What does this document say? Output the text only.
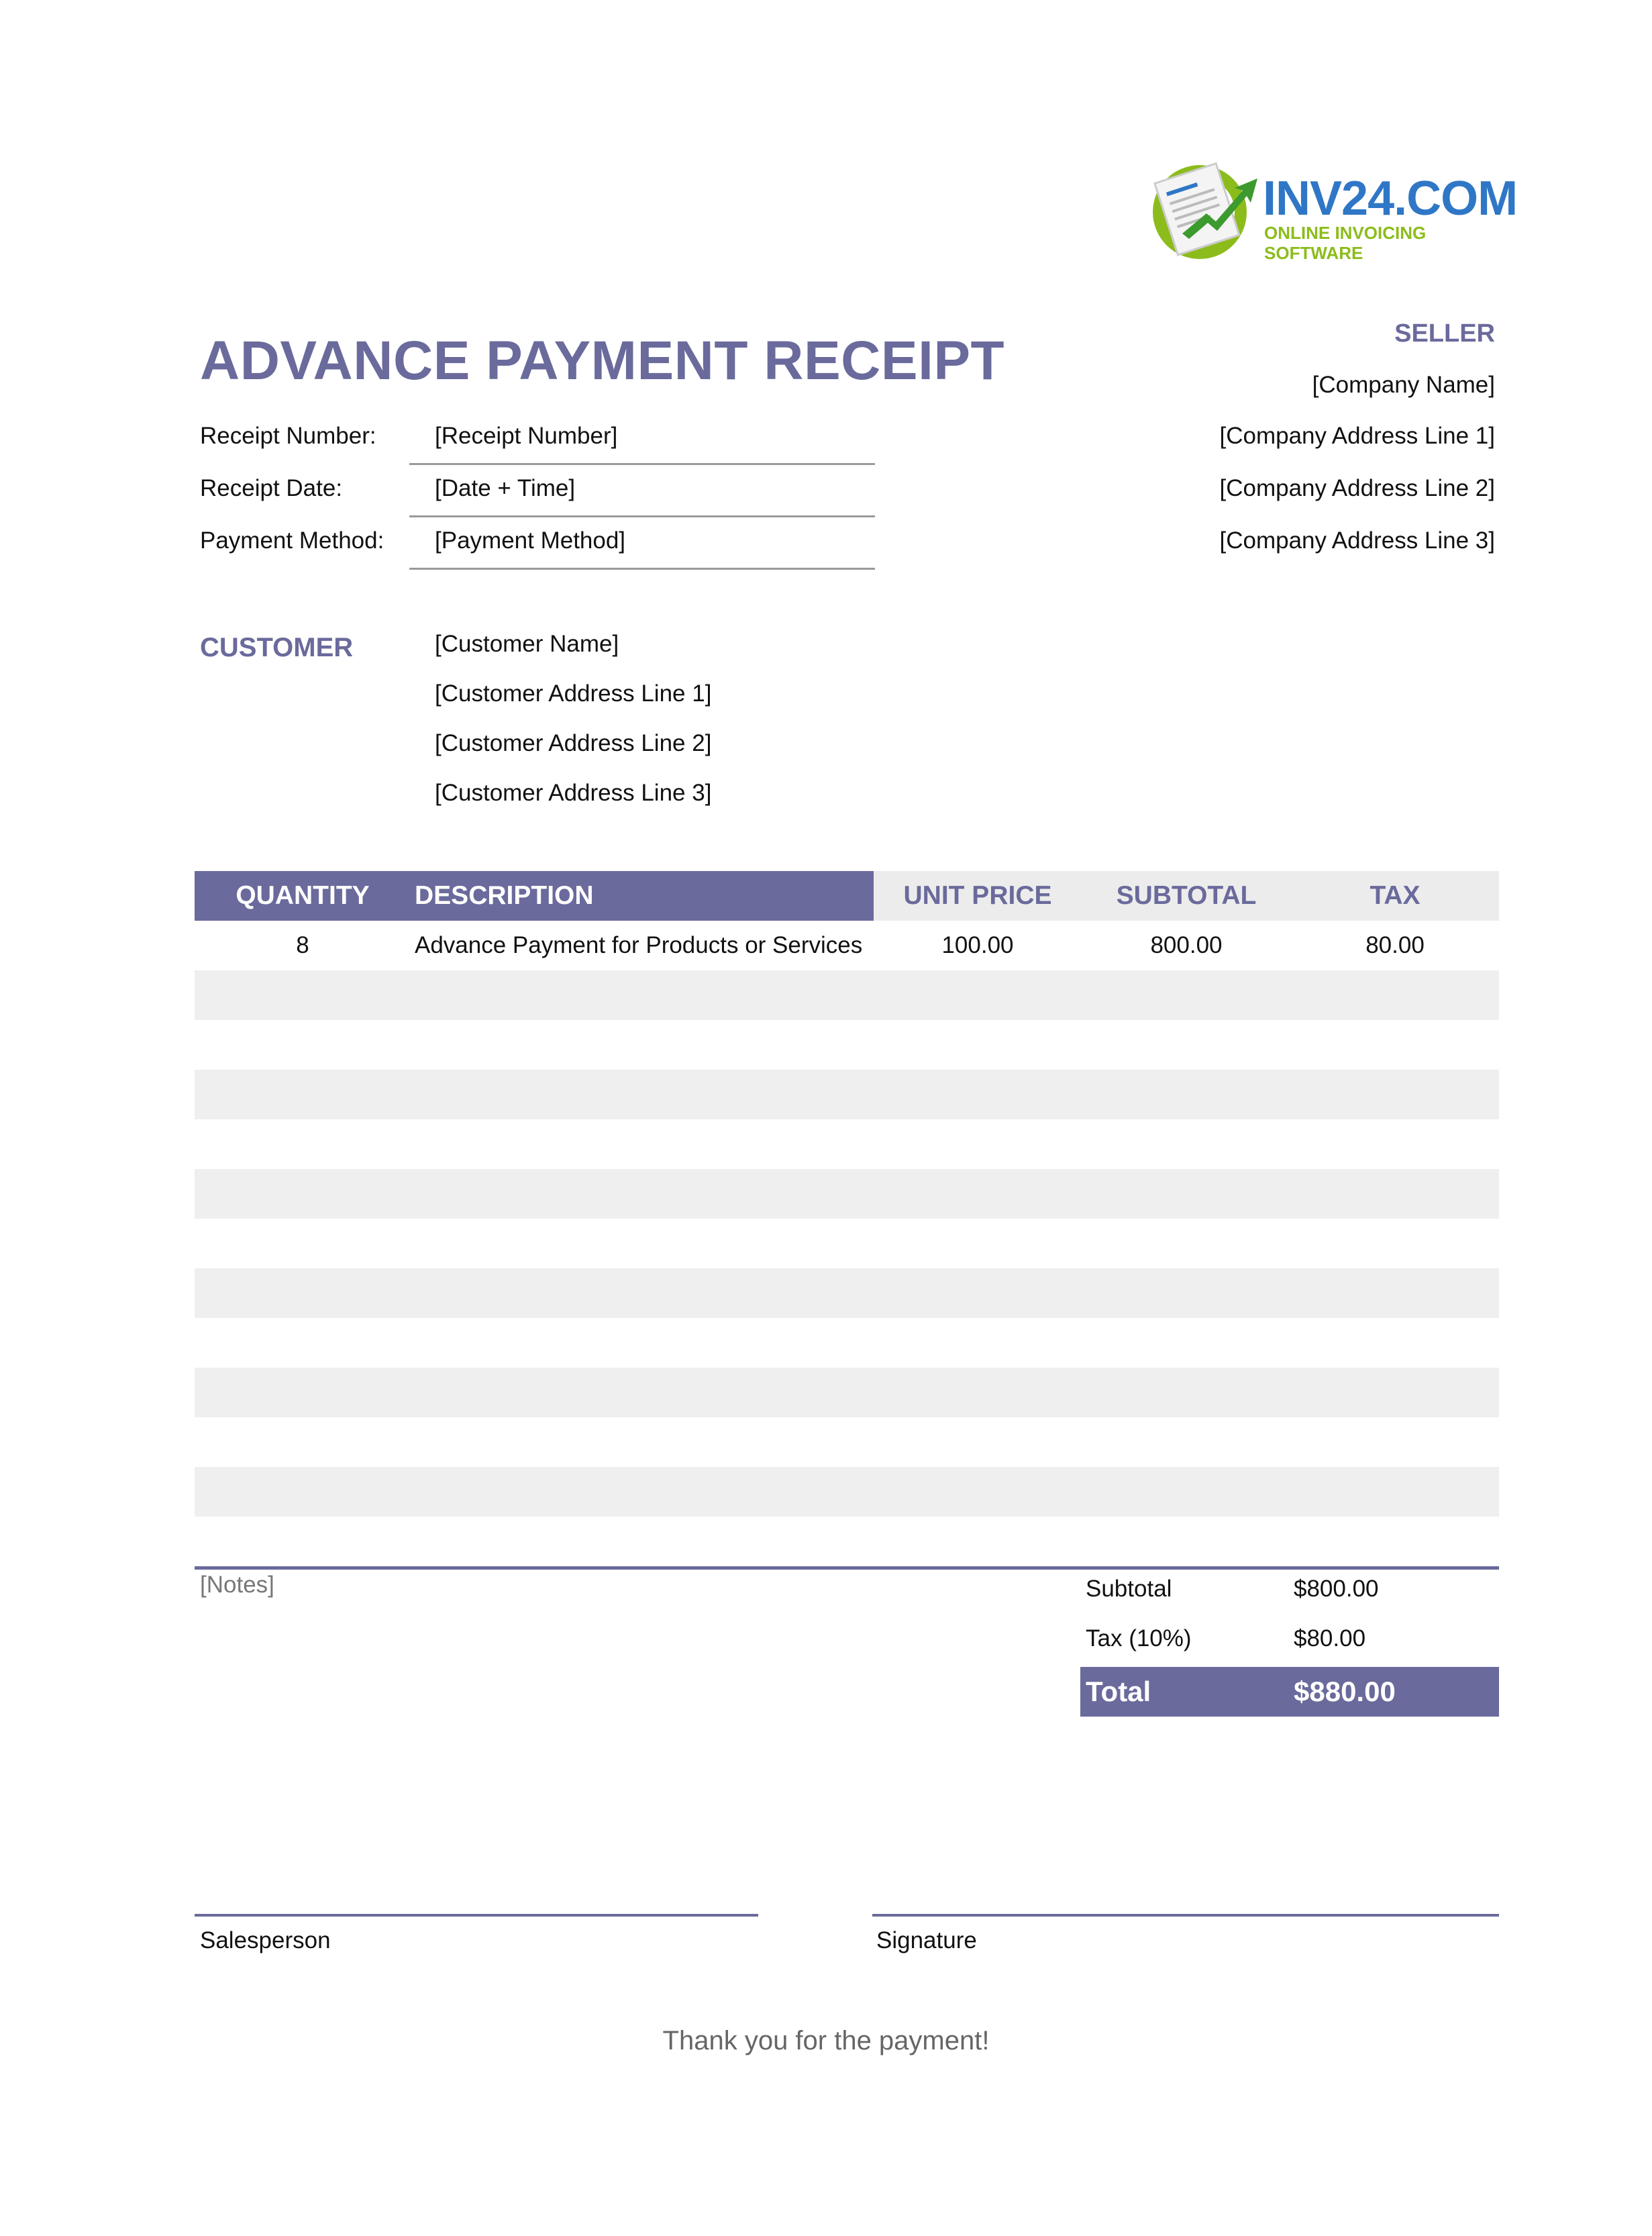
INV24.COM
ONLINE INVOICING SOFTWARE
ADVANCE PAYMENT RECEIPT
Receipt Number: [Receipt Number]
Receipt Date:	[Date + Time]
Payment Method: [Payment Method]
SELLER
[Company Name]
[Company Address Line 1]
[Company Address Line 2]
[Company Address Line 3]
CUSTOMER	[Customer Name]
[Customer Address Line 1]
[Customer Address Line 2]
[Customer Address Line 3]
QUANTITY	DESCRIPTION	UNIT PRICE	SUBTOTAL	TAX
8	Advance Payment for Products or Services	100.00	800.00	80.00
[Notes]	Subtotal	$800.00
Tax (10%)	$80.00
Total	$880.00
Salesperson	Signature
Thank you for the payment!
